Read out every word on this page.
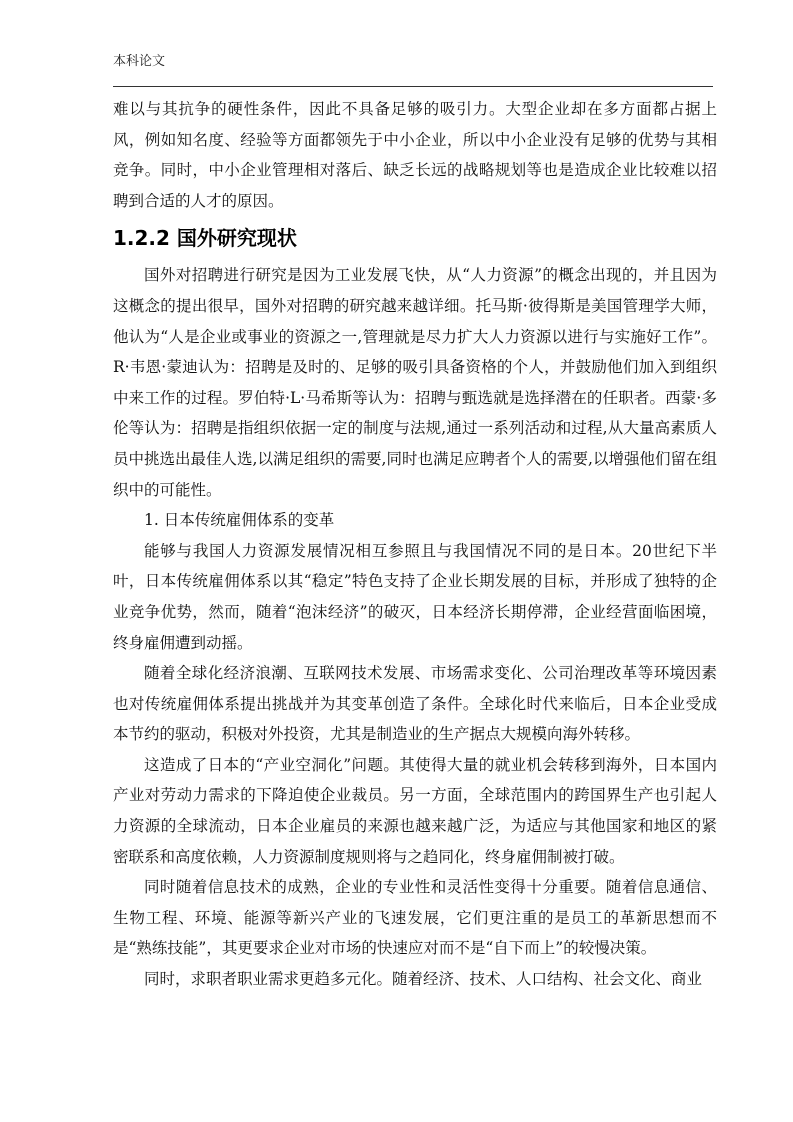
本科论文

难以与其抗争的硬性条件，因此不具备足够的吸引力。大型企业却在多方面都占据上风，例如知名度、经验等方面都领先于中小企业，所以中小企业没有足够的优势与其相竞争。同时，中小企业管理相对落后、缺乏长远的战略规划等也是造成企业比较难以招聘到合适的人才的原因。

1.2.2 国外研究现状

国外对招聘进行研究是因为工业发展飞快，从“人力资源”的概念出现的，并且因为这概念的提出很早，国外对招聘的研究越来越详细。托马斯·彼得斯是美国管理学大师，他认为“人是企业或事业的资源之一,管理就是尽力扩大人力资源以进行与实施好工作”。R·韦恩·蒙迪认为：招聘是及时的、足够的吸引具备资格的个人，并鼓励他们加入到组织中来工作的过程。罗伯特·L·马希斯等认为：招聘与甄选就是选择潜在的任职者。西蒙·多伦等认为：招聘是指组织依据一定的制度与法规,通过一系列活动和过程,从大量高素质人员中挑选出最佳人选,以满足组织的需要,同时也满足应聘者个人的需要,以增强他们留在组织中的可能性。

1. 日本传统雇佣体系的变革

能够与我国人力资源发展情况相互参照且与我国情况不同的是日本。20世纪下半叶，日本传统雇佣体系以其“稳定”特色支持了企业长期发展的目标，并形成了独特的企业竞争优势，然而，随着“泡沫经济”的破灭，日本经济长期停滞，企业经营面临困境，终身雇佣遭到动摇。

随着全球化经济浪潮、互联网技术发展、市场需求变化、公司治理改革等环境因素也对传统雇佣体系提出挑战并为其变革创造了条件。全球化时代来临后，日本企业受成本节约的驱动，积极对外投资，尤其是制造业的生产据点大规模向海外转移。

这造成了日本的“产业空洞化”问题。其使得大量的就业机会转移到海外，日本国内产业对劳动力需求的下降迫使企业裁员。另一方面，全球范围内的跨国界生产也引起人力资源的全球流动，日本企业雇员的来源也越来越广泛，为适应与其他国家和地区的紧密联系和高度依赖，人力资源制度规则将与之趋同化，终身雇佣制被打破。

同时随着信息技术的成熟，企业的专业性和灵活性变得十分重要。随着信息通信、生物工程、环境、能源等新兴产业的飞速发展，它们更注重的是员工的革新思想而不是“熟练技能”，其更要求企业对市场的快速应对而不是“自下而上”的较慢决策。

同时，求职者职业需求更趋多元化。随着经济、技术、人口结构、社会文化、商业
